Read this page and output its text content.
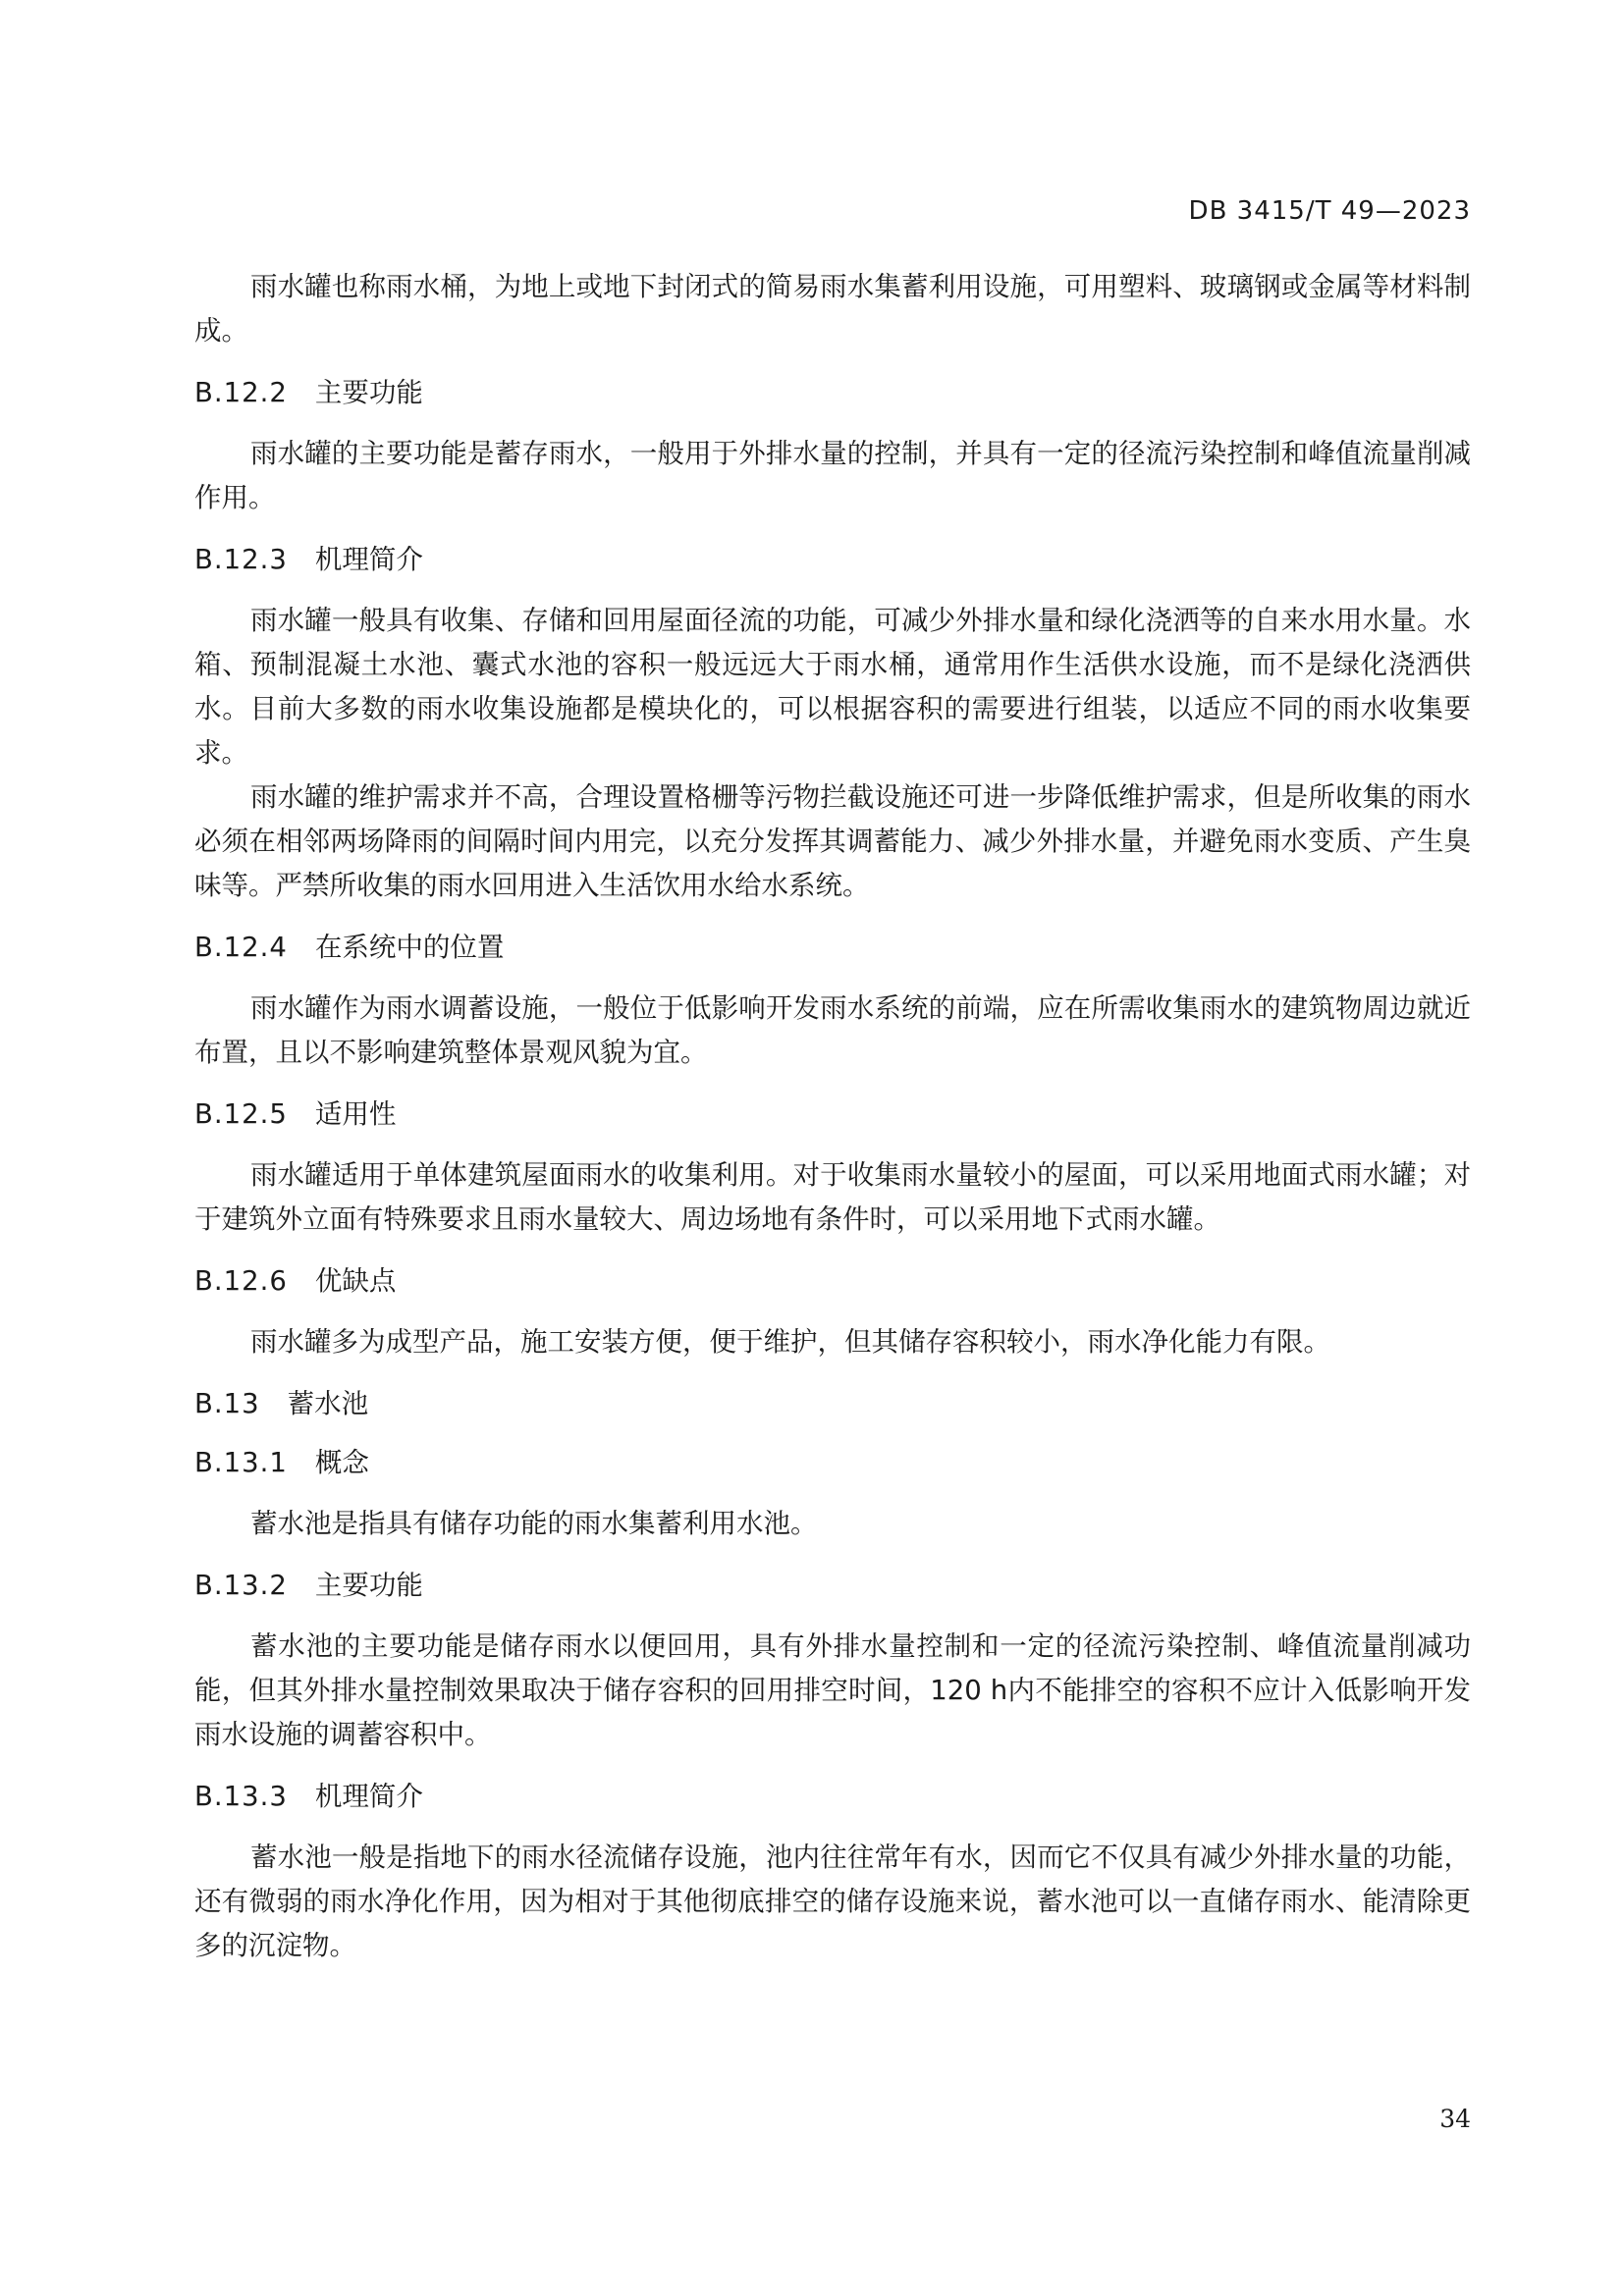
DB 3415/T 49—2023

雨水罐也称雨水桶，为地上或地下封闭式的简易雨水集蓄利用设施，可用塑料、玻璃钢或金属等材料制成。

B.12.2 主要功能

雨水罐的主要功能是蓄存雨水，一般用于外排水量的控制，并具有一定的径流污染控制和峰值流量削减作用。

B.12.3 机理简介

雨水罐一般具有收集、存储和回用屋面径流的功能，可减少外排水量和绿化浇洒等的自来水用水量。水箱、预制混凝土水池、囊式水池的容积一般远远大于雨水桶，通常用作生活供水设施，而不是绿化浇洒供水。目前大多数的雨水收集设施都是模块化的，可以根据容积的需要进行组装，以适应不同的雨水收集要求。

雨水罐的维护需求并不高，合理设置格栅等污物拦截设施还可进一步降低维护需求，但是所收集的雨水必须在相邻两场降雨的间隔时间内用完，以充分发挥其调蓄能力、减少外排水量，并避免雨水变质、产生臭味等。严禁所收集的雨水回用进入生活饮用水给水系统。

B.12.4 在系统中的位置

雨水罐作为雨水调蓄设施，一般位于低影响开发雨水系统的前端，应在所需收集雨水的建筑物周边就近布置，且以不影响建筑整体景观风貌为宜。

B.12.5 适用性

雨水罐适用于单体建筑屋面雨水的收集利用。对于收集雨水量较小的屋面，可以采用地面式雨水罐；对于建筑外立面有特殊要求且雨水量较大、周边场地有条件时，可以采用地下式雨水罐。

B.12.6 优缺点

雨水罐多为成型产品，施工安装方便，便于维护，但其储存容积较小，雨水净化能力有限。

B.13 蓄水池
B.13.1 概念

蓄水池是指具有储存功能的雨水集蓄利用水池。

B.13.2 主要功能

蓄水池的主要功能是储存雨水以便回用，具有外排水量控制和一定的径流污染控制、峰值流量削减功能，但其外排水量控制效果取决于储存容积的回用排空时间，120 h内不能排空的容积不应计入低影响开发雨水设施的调蓄容积中。

B.13.3 机理简介

蓄水池一般是指地下的雨水径流储存设施，池内往往常年有水，因而它不仅具有减少外排水量的功能，还有微弱的雨水净化作用，因为相对于其他彻底排空的储存设施来说，蓄水池可以一直储存雨水、能清除更多的沉淀物。

34
